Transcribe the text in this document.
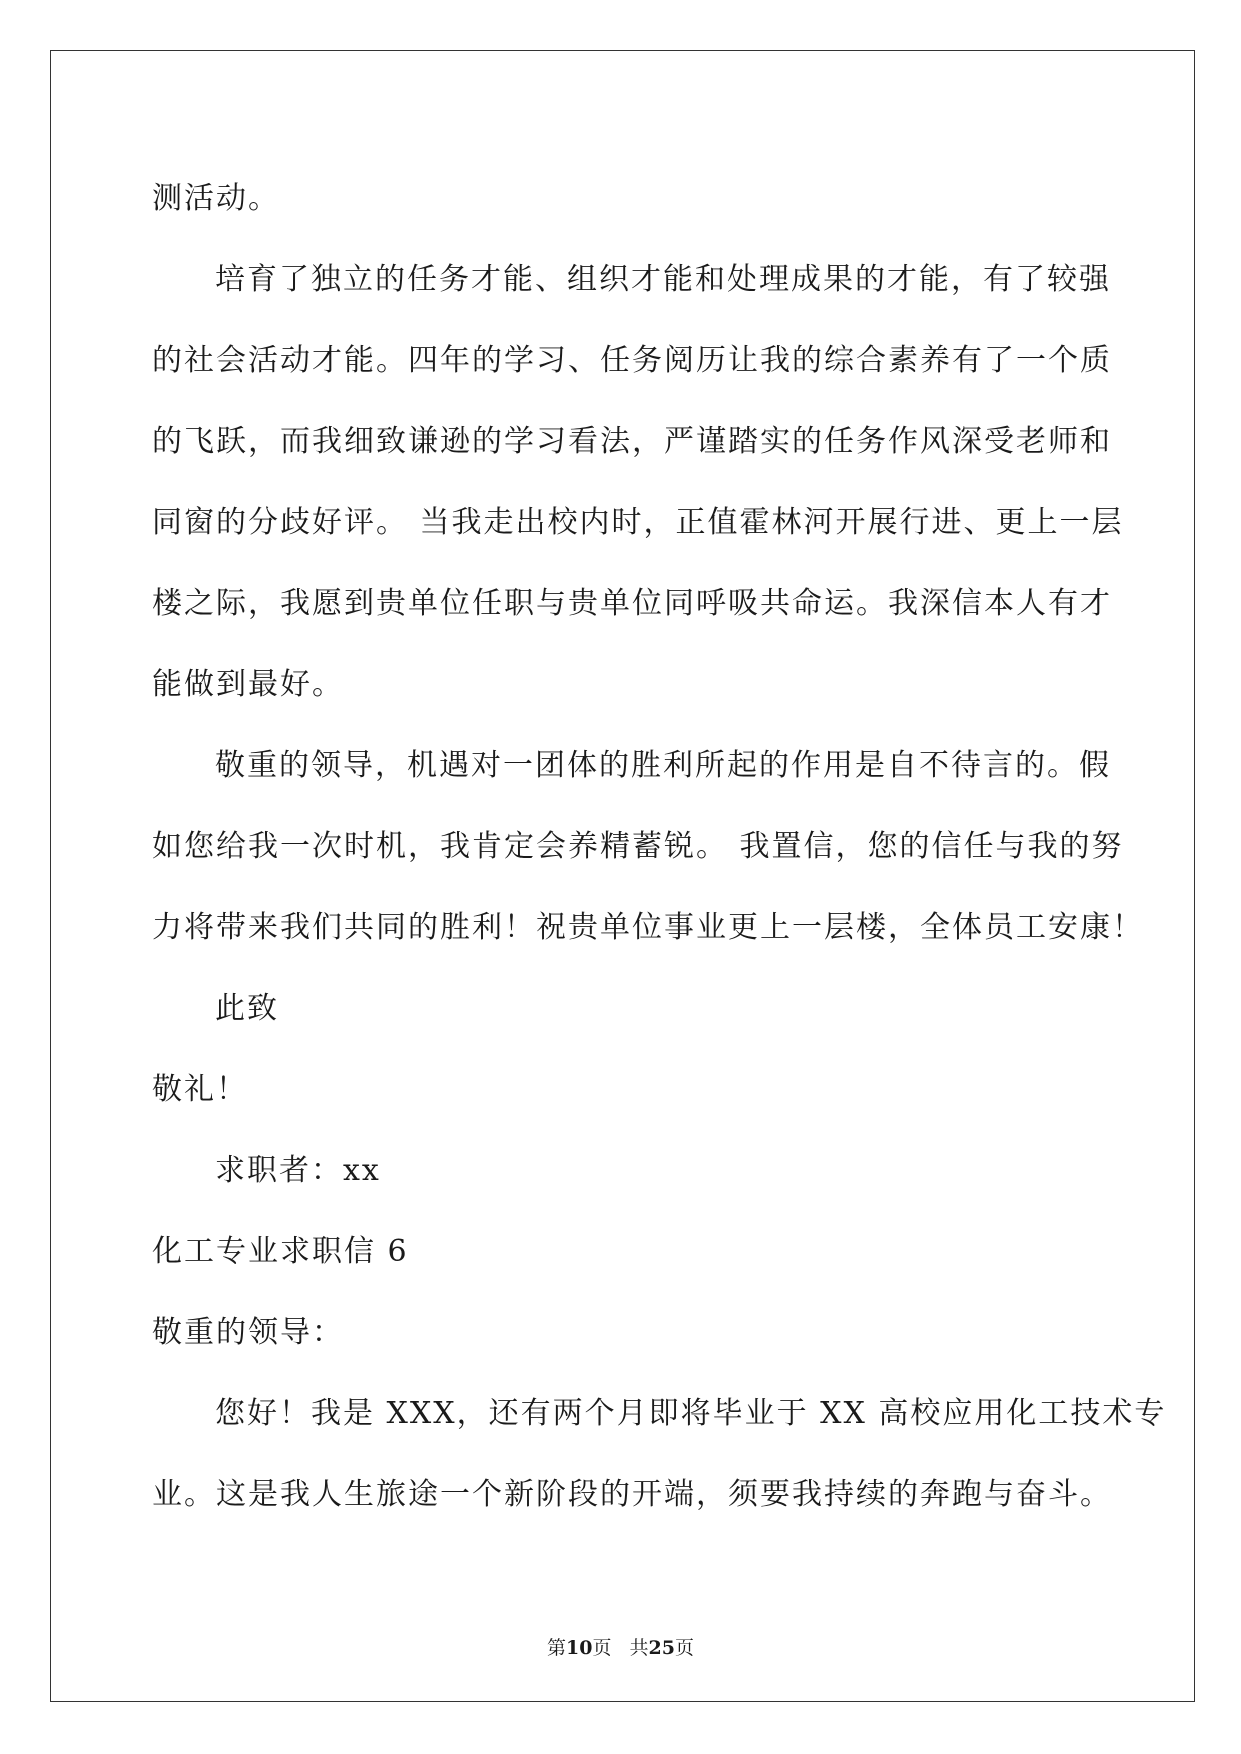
测活动。
培育了独立的任务才能、组织才能和处理成果的才能，有了较强
的社会活动才能。四年的学习、任务阅历让我的综合素养有了一个质
的飞跃，而我细致谦逊的学习看法，严谨踏实的任务作风深受老师和
同窗的分歧好评。 当我走出校内时，正值霍林河开展行进、更上一层
楼之际，我愿到贵单位任职与贵单位同呼吸共命运。我深信本人有才
能做到最好。
敬重的领导，机遇对一团体的胜利所起的作用是自不待言的。假
如您给我一次时机，我肯定会养精蓄锐。 我置信，您的信任与我的努
力将带来我们共同的胜利！祝贵单位事业更上一层楼，全体员工安康！
此致
敬礼！
求职者：xx
化工专业求职信 6
敬重的领导：
您好！我是 XXX，还有两个月即将毕业于 XX 高校应用化工技术专
业。这是我人生旅途一个新阶段的开端，须要我持续的奔跑与奋斗。
第10页 共25页
